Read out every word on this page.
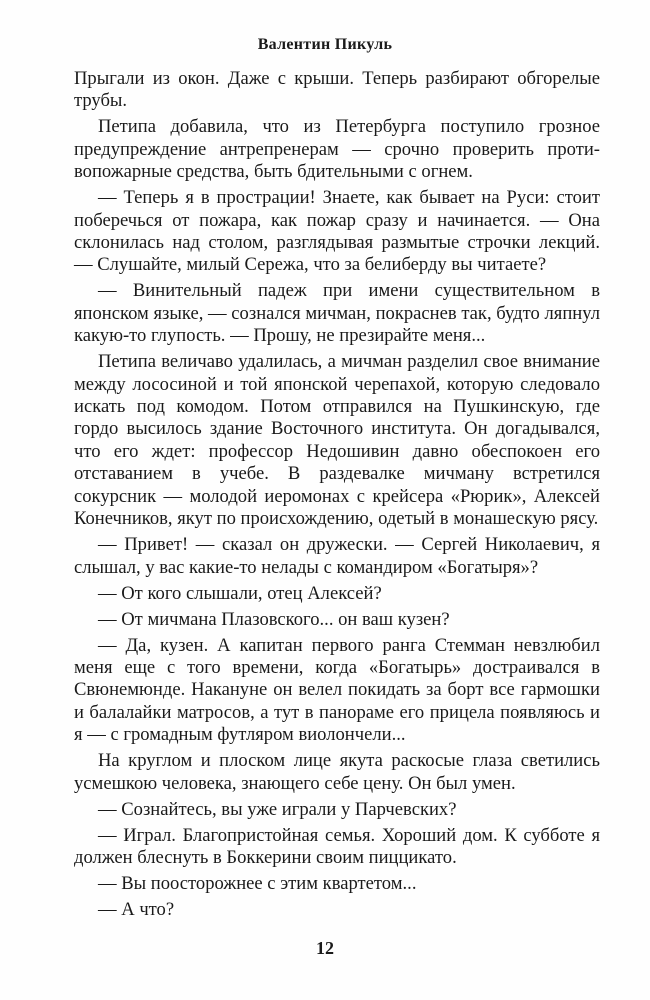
Валентин Пикуль

Прыгали из окон. Даже с крыши. Теперь разбирают обгорелые трубы.

Петипа добавила, что из Петербурга поступило грозное предупреждение антрепренерам — срочно проверить противопожарные средства, быть бдительными с огнем.

— Теперь я в прострации! Знаете, как бывает на Руси: стоит поберечься от пожара, как пожар сразу и начинается. — Она склонилась над столом, разглядывая размытые строчки лекций. — Слушайте, милый Сережа, что за белиберду вы читаете?

— Винительный падеж при имени существительном в японском языке, — сознался мичман, покраснев так, будто ляпнул какую-то глупость. — Прошу, не презирайте меня...

Петипа величаво удалилась, а мичман разделил свое внимание между лососиной и той японской черепахой, которую следовало искать под комодом. Потом отправился на Пушкинскую, где гордо высилось здание Восточного института. Он догадывался, что его ждет: профессор Недошивин давно обеспокоен его отставанием в учебе. В раздевалке мичману встретился сокурсник — молодой иеромонах с крейсера «Рюрик», Алексей Конечников, якут по происхождению, одетый в монашескую рясу.

— Привет! — сказал он дружески. — Сергей Николаевич, я слышал, у вас какие-то нелады с командиром «Богатыря»?

— От кого слышали, отец Алексей?

— От мичмана Плазовского... он ваш кузен?

— Да, кузен. А капитан первого ранга Стемман невзлюбил меня еще с того времени, когда «Богатырь» достраивался в Свюнемюнде. Накануне он велел покидать за борт все гармошки и балалайки матросов, а тут в панораме его прицела появляюсь и я — с громадным футляром виолончели...

На круглом и плоском лице якута раскосые глаза светились усмешкою человека, знающего себе цену. Он был умен.

— Сознайтесь, вы уже играли у Парчевских?

— Играл. Благопристойная семья. Хороший дом. К субботе я должен блеснуть в Боккерини своим пиццикато.

— Вы поосторожнее с этим квартетом...

— А что?

12
